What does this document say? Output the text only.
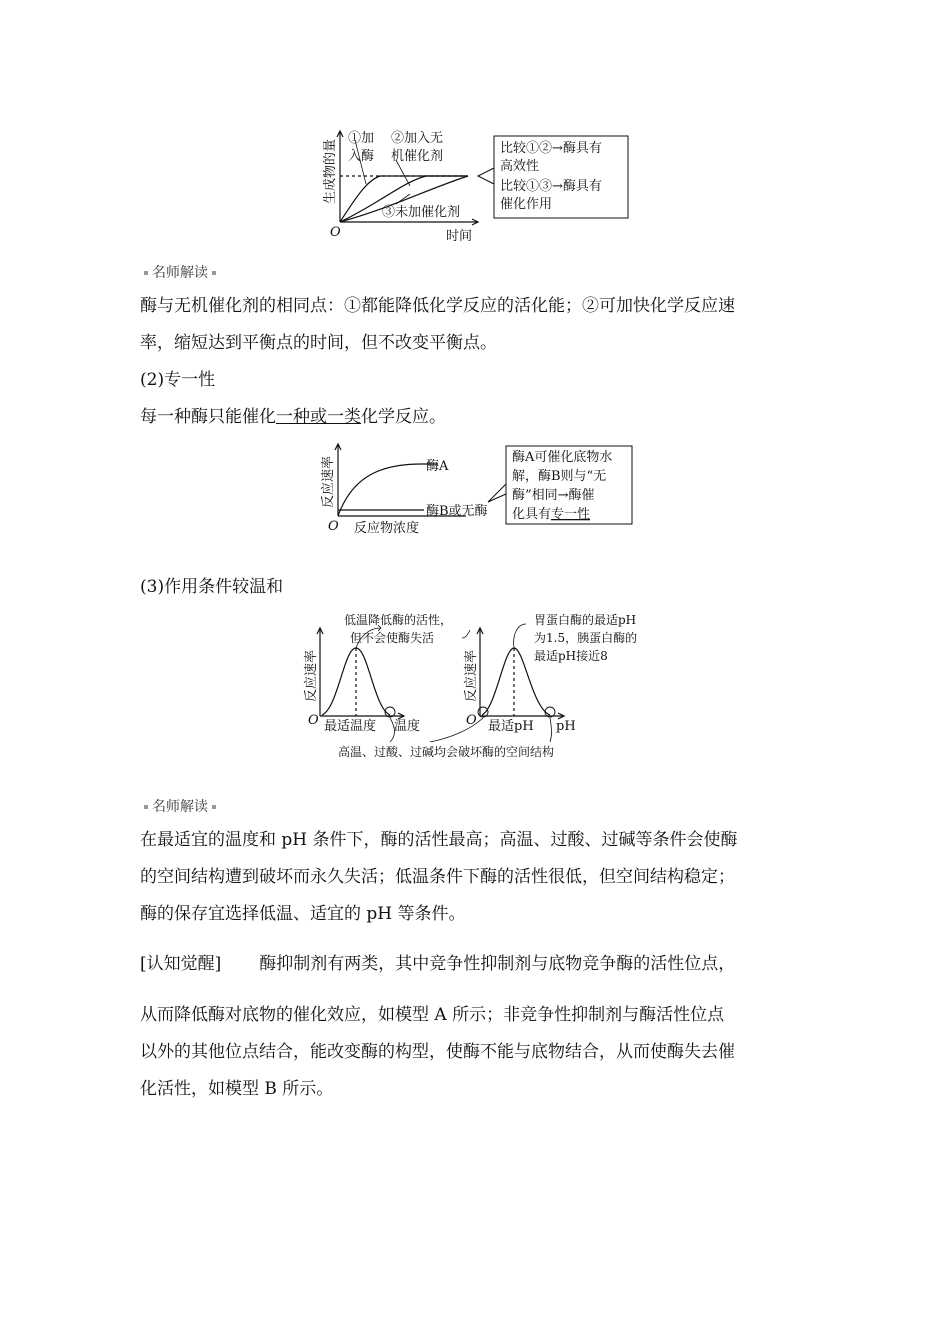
生成物的量
O	时间
①加
入酶
②加入无
机催化剂
③未加催化剂
比较①②→酶具有
高效性
比较①③→酶具有
催化作用
名师解读
酶与无机催化剂的相同点：①都能降低化学反应的活化能；②可加快化学反应速
率，缩短达到平衡点的时间，但不改变平衡点。
(2)专一性
每一种酶只能催化一种或一类化学反应。
反应速率
O 反应物浓度
酶A
酶B或无酶
酶A可催化底物水
解，酶B则与“无
酶”相同→酶催
化具有专一性
(3)作用条件较温和
反应速率
O 最适温度 温度
低温降低酶的活性，
但不会使酶失活
反应速率
O 最适pH pH
胃蛋白酶的最适pH
为1.5，胰蛋白酶的
最适pH接近8
高温、过酸、过碱均会破坏酶的空间结构
名师解读
在最适宜的温度和 pH 条件下，酶的活性最高；高温、过酸、过碱等条件会使酶
的空间结构遭到破坏而永久失活；低温条件下酶的活性很低，但空间结构稳定；
酶的保存宜选择低温、适宜的 pH 等条件。
[认知觉醒] 酶抑制剂有两类，其中竞争性抑制剂与底物竞争酶的活性位点，
从而降低酶对底物的催化效应，如模型 A 所示；非竞争性抑制剂与酶活性位点
以外的其他位点结合，能改变酶的构型，使酶不能与底物结合，从而使酶失去催
化活性，如模型 B 所示。
